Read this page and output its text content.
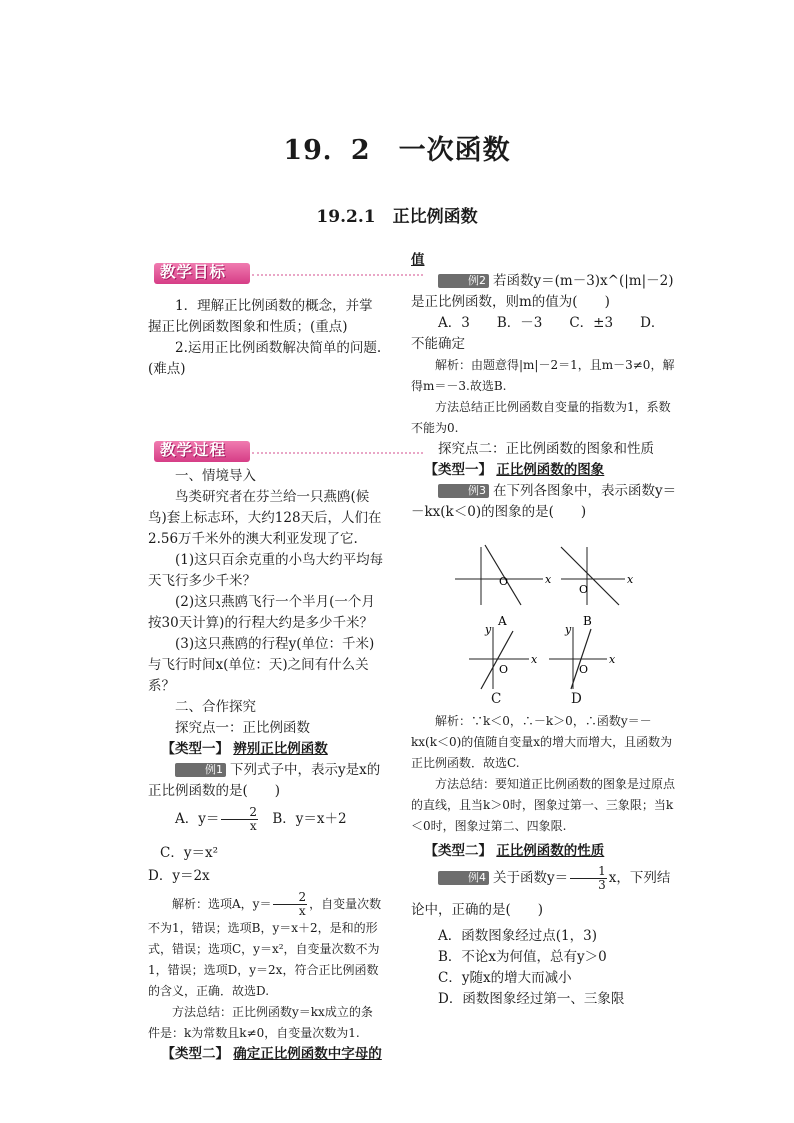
19．2　一次函数
19.2.1　正比例函数
教学目标

1．理解正比例函数的概念，并掌握正比例函数图象和性质；(重点)

2.运用正比例函数解决简单的问题.(难点)

教学过程

一、情境导入

鸟类研究者在芬兰给一只燕鸥(候鸟)套上标志环，大约128天后，人们在2.56万千米外的澳大利亚发现了它.

(1)这只百余克重的小鸟大约平均每天飞行多少千米？

(2)这只燕鸥飞行一个半月(一个月按30天计算)的行程大约是多少千米？

(3)这只燕鸥的行程y(单位：千米)与飞行时间x(单位：天)之间有什么关系？

二、合作探究

探究点一：正比例函数

【类型一】 辨别正比例函数

例1 下列式子中，表示y是x的正比例函数的是(　　)

A．$y= \frac{2}{x}$ B．y＝x＋2 C．y＝x²

D．y＝2x

解析：选项A，$y= \frac{2}{x}$ ，自变量次数不为1，错误；选项B，y＝x＋2，是和的形式，错误；选项C，y＝x²，自变量次数不为1，错误；选项D，y＝2x，符合正比例函数的含义，正确．故选D.

方法总结：正比例函数y＝kx成立的条件是：k为常数且k≠0，自变量次数为1.

【类型二】 确定正比例函数中字母的

值

例2 若函数y＝(m－3)x^(|m|－2)是正比例函数，则m的值为(　　)

A．3　　B．－3　　C．±3　　D．不能确定

解析：由题意得|m|－2＝1，且m－3≠0，解得m＝－3.故选B.

方法总结正比例函数自变量的指数为1，系数不能为0.

探究点二：正比例函数的图象和性质

【类型一】 正比例函数的图象

例3 在下列各图象中，表示函数y＝－kx(k＜0)的图象的是(　　)

O	x
A
O
x
B
y
O
x
y
O
x
C	D

解析：∵k＜0，∴－k＞0，∴函数y＝－kx(k＜0)的值随自变量x的增大而增大，且函数为正比例函数．故选C.

方法总结：要知道正比例函数的图象是过原点的直线，且当k＞0时，图象过第一、三象限；当k＜0时，图象过第二、四象限.

【类型二】 正比例函数的性质

例4 关于函数$y= \frac{1}{3}$ x，下列结论中，正确的是(　　)

A．函数图象经过点(1，3)

B．不论x为何值，总有y＞0

C．y随x的增大而减小

D．函数图象经过第一、三象限
